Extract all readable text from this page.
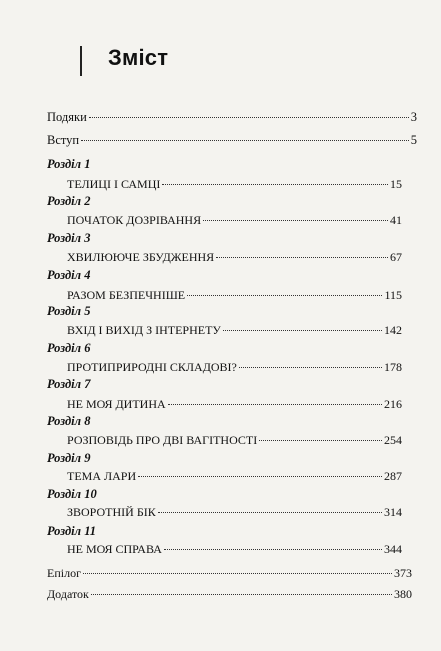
Зміст
Подяки	3
Вступ	5
Розділ 1
ТЕЛИЦІ І САМЦІ	15
Розділ 2
ПОЧАТОК ДОЗРІВАННЯ	41
Розділ 3
ХВИЛЮЮЧЕ ЗБУДЖЕННЯ	67
Розділ 4
РАЗОМ БЕЗПЕЧНІШЕ	115
Розділ 5
ВХІД І ВИХІД З ІНТЕРНЕТУ	142
Розділ 6
ПРОТИПРИРОДНІ СКЛАДОВІ?	178
Розділ 7
НЕ МОЯ ДИТИНА	216
Розділ 8
РОЗПОВІДЬ ПРО ДВІ ВАГІТНОСТІ	254
Розділ 9
ТЕМА ЛАРИ	287
Розділ 10
ЗВОРОТНІЙ БІК	314
Розділ 11
НЕ МОЯ СПРАВА	344
Епілог	373
Додаток	380
